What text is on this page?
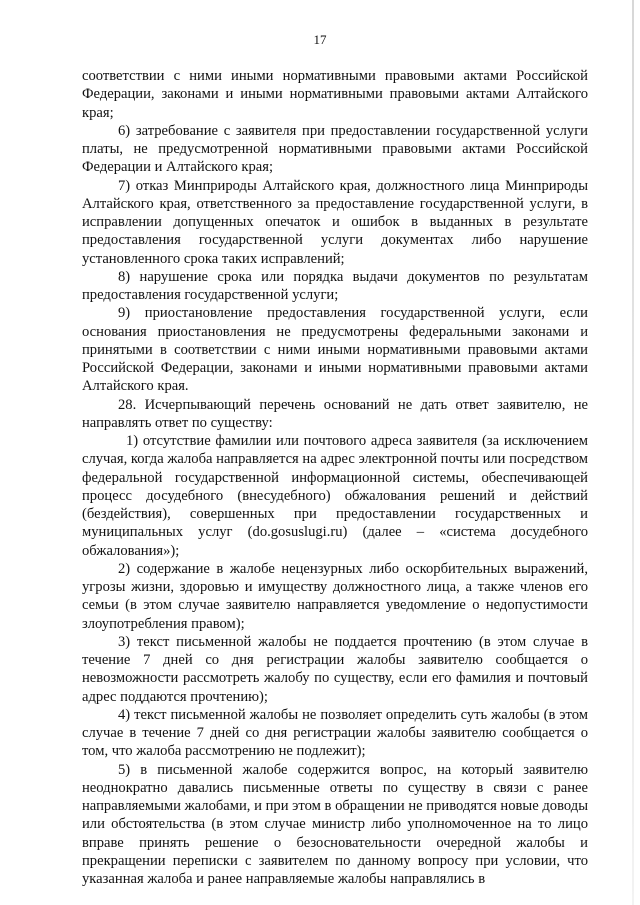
17

соответствии с ними иными нормативными правовыми актами Российской Федерации, законами и иными нормативными правовыми актами Алтайского края;

6) затребование с заявителя при предоставлении государственной услуги платы, не предусмотренной нормативными правовыми актами Российской Федерации и Алтайского края;

7) отказ Минприроды Алтайского края, должностного лица Минприроды Алтайского края, ответственного за предоставление государственной услуги, в исправлении допущенных опечаток и ошибок в выданных в результате предоставления государственной услуги документах либо нарушение установленного срока таких исправлений;

8) нарушение срока или порядка выдачи документов по результатам предоставления государственной услуги;

9) приостановление предоставления государственной услуги, если основания приостановления не предусмотрены федеральными законами и принятыми в соответствии с ними иными нормативными правовыми актами Российской Федерации, законами и иными нормативными правовыми актами Алтайского края.

28. Исчерпывающий перечень оснований не дать ответ заявителю, не направлять ответ по существу:

1) отсутствие фамилии или почтового адреса заявителя (за исключением случая, когда жалоба направляется на адрес электронной почты или посредством федеральной государственной информационной системы, обеспечивающей процесс досудебного (внесудебного) обжалования решений и действий (бездействия), совершенных при предоставлении государственных и муниципальных услуг (do.gosuslugi.ru) (далее – «система досудебного обжалования»);

2) содержание в жалобе нецензурных либо оскорбительных выражений, угрозы жизни, здоровью и имуществу должностного лица, а также членов его семьи (в этом случае заявителю направляется уведомление о недопустимости злоупотребления правом);

3) текст письменной жалобы не поддается прочтению (в этом случае в течение 7 дней со дня регистрации жалобы заявителю сообщается о невозможности рассмотреть жалобу по существу, если его фамилия и почтовый адрес поддаются прочтению);

4) текст письменной жалобы не позволяет определить суть жалобы (в этом случае в течение 7 дней со дня регистрации жалобы заявителю сообщается о том, что жалоба рассмотрению не подлежит);

5) в письменной жалобе содержится вопрос, на который заявителю неоднократно давались письменные ответы по существу в связи с ранее направляемыми жалобами, и при этом в обращении не приводятся новые доводы или обстоятельства (в этом случае министр либо уполномоченное на то лицо вправе принять решение о безосновательности очередной жалобы и прекращении переписки с заявителем по данному вопросу при условии, что указанная жалоба и ранее направляемые жалобы направлялись в
